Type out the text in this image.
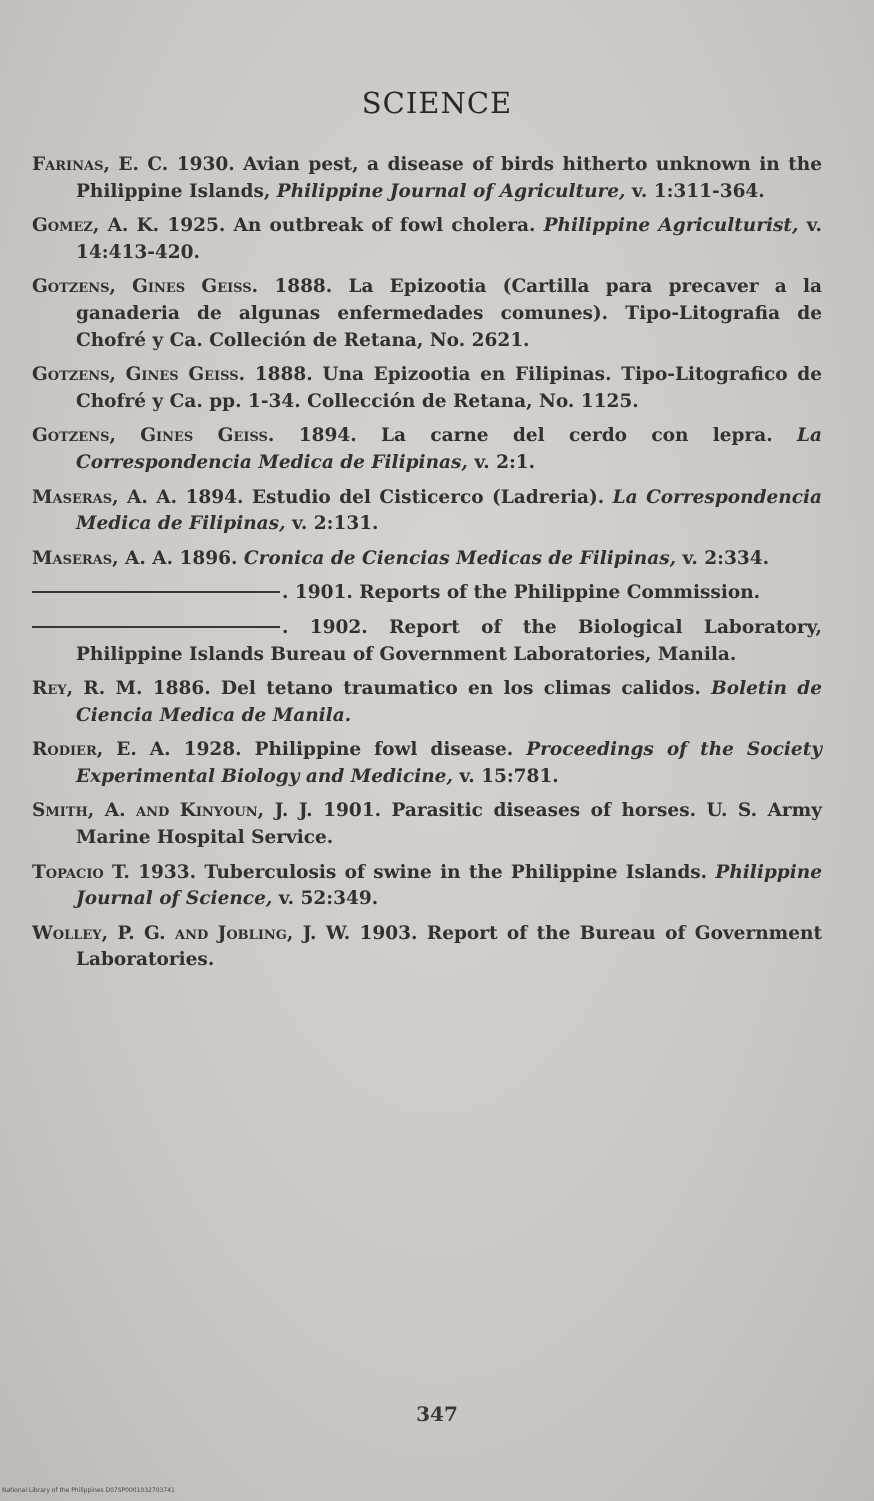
SCIENCE

Farinas, E. C. 1930. Avian pest, a disease of birds hitherto unknown in the Philippine Islands, Philippine Journal of Agriculture, v. 1:311-364.

Gomez, A. K. 1925. An outbreak of fowl cholera. Philippine Agriculturist, v. 14:413-420.

Gotzens, Gines Geiss. 1888. La Epizootia (Cartilla para precaver a la ganaderia de algunas enfermedades comunes). Tipo-Litografia de Chofré y Ca. Colleción de Retana, No. 2621.

Gotzens, Gines Geiss. 1888. Una Epizootia en Filipinas. Tipo-Litografico de Chofré y Ca. pp. 1-34. Collección de Retana, No. 1125.

Gotzens, Gines Geiss. 1894. La carne del cerdo con lepra. La Correspondencia Medica de Filipinas, v. 2:1.

Maseras, A. A. 1894. Estudio del Cisticerco (Ladreria). La Correspondencia Medica de Filipinas, v. 2:131.

Maseras, A. A. 1896. Cronica de Ciencias Medicas de Filipinas, v. 2:334.

. 1901. Reports of the Philippine Commission.

. 1902. Report of the Biological Laboratory, Philippine Islands Bureau of Government Laboratories, Manila.

Rey, R. M. 1886. Del tetano traumatico en los climas calidos. Boletin de Ciencia Medica de Manila.

Rodier, E. A. 1928. Philippine fowl disease. Proceedings of the Society Experimental Biology and Medicine, v. 15:781.

Smith, A. and Kinyoun, J. J. 1901. Parasitic diseases of horses. U. S. Army Marine Hospital Service.

Topacio T. 1933. Tuberculosis of swine in the Philippine Islands. Philippine Journal of Science, v. 52:349.

Wolley, P. G. and Jobling, J. W. 1903. Report of the Bureau of Government Laboratories.

347
National Library of the Philippines D07SP0001032703741
